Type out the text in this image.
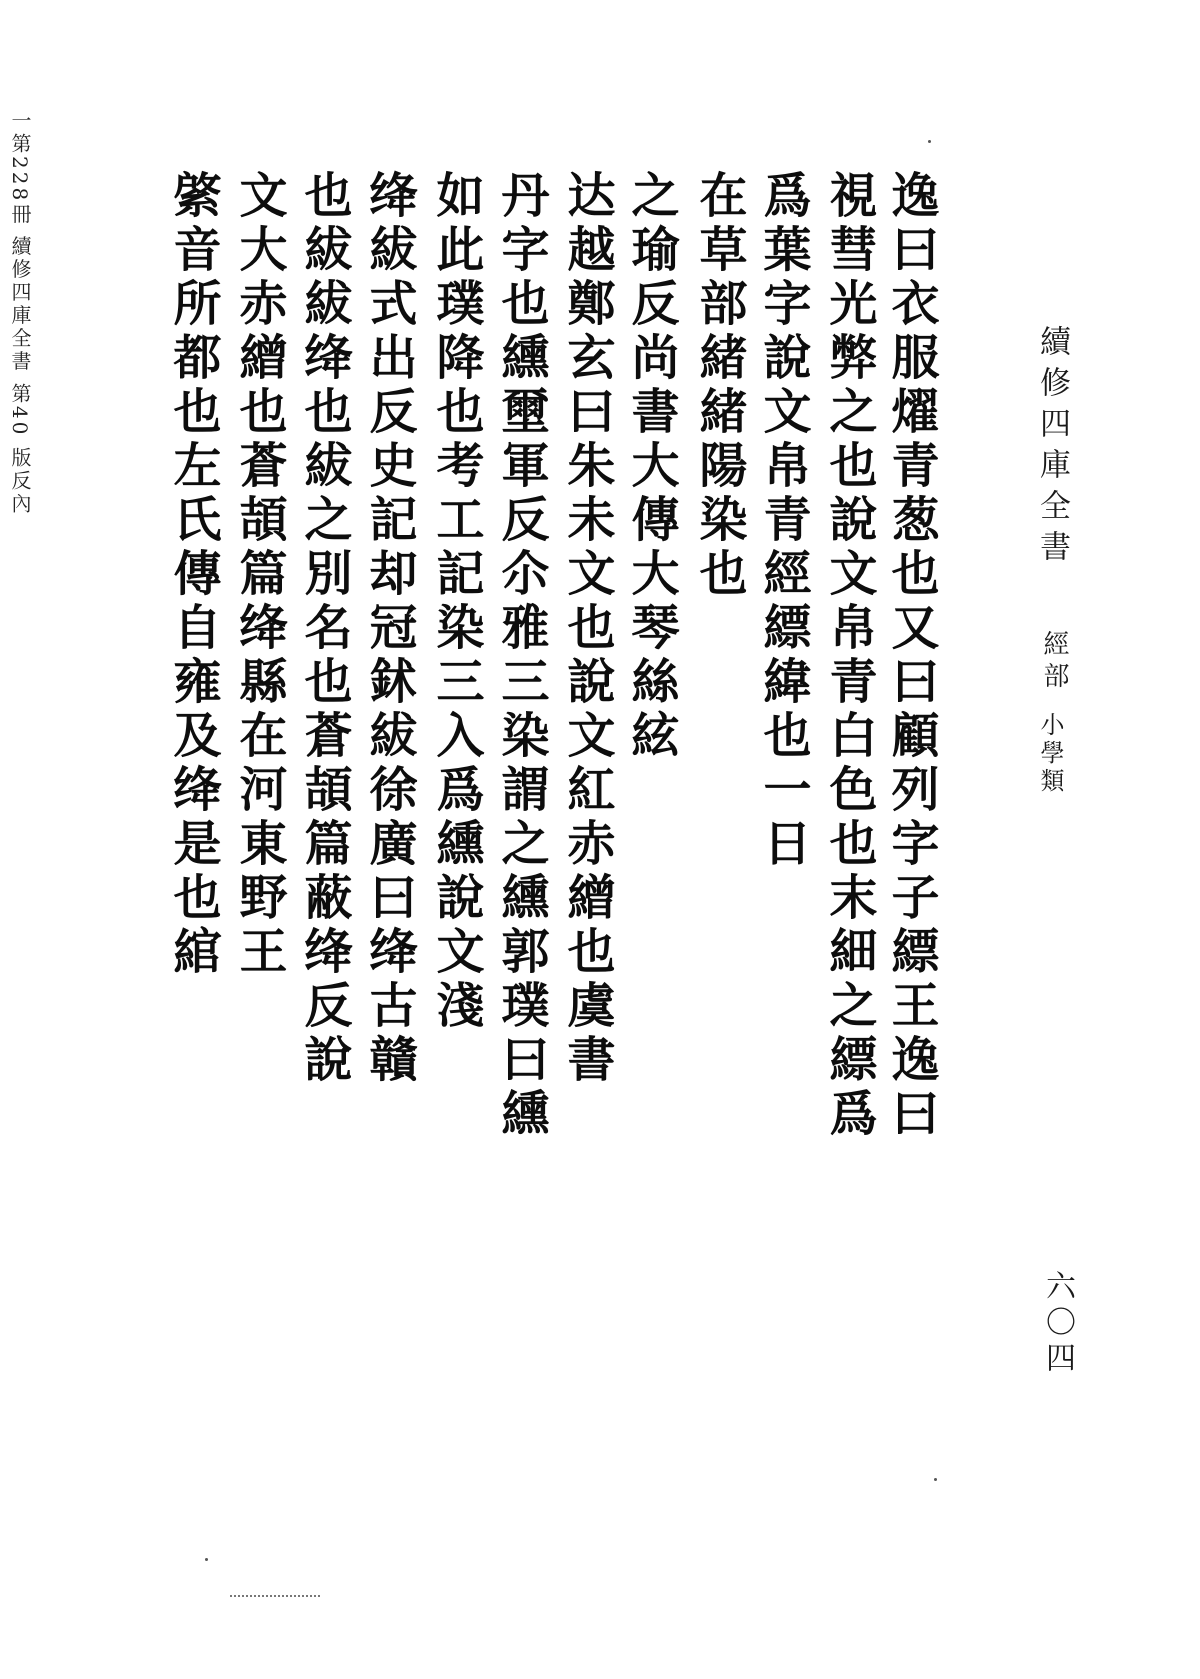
一第228冊 續修四庫全書 第40 版反內	續修四庫全書
經部
小學類
六〇四
逸曰衣服燿青葱也又曰顧列字子縹王逸曰
視彗光弊之也說文帛青白色也末細之縹爲
爲葉字說文帛青經縹緯也一日
在草部緒緒陽染也
之瑜反尚書大傳大琴絲絃
达越鄭玄曰朱未文也說文紅赤繒也虞書
丹字也纁壐軍反尒雅三染謂之纁郭璞曰纁
如此璞降也考工記染三入爲纁說文淺
绛紱式出反史記却冠鉥紱徐廣曰绛古贛
也紱紱绛也紱之別名也蒼頡篇蔽绛反說
文大赤繒也蒼頡篇绛縣在河東野王
綮音所都也左氏傳自雍及绛是也綰
